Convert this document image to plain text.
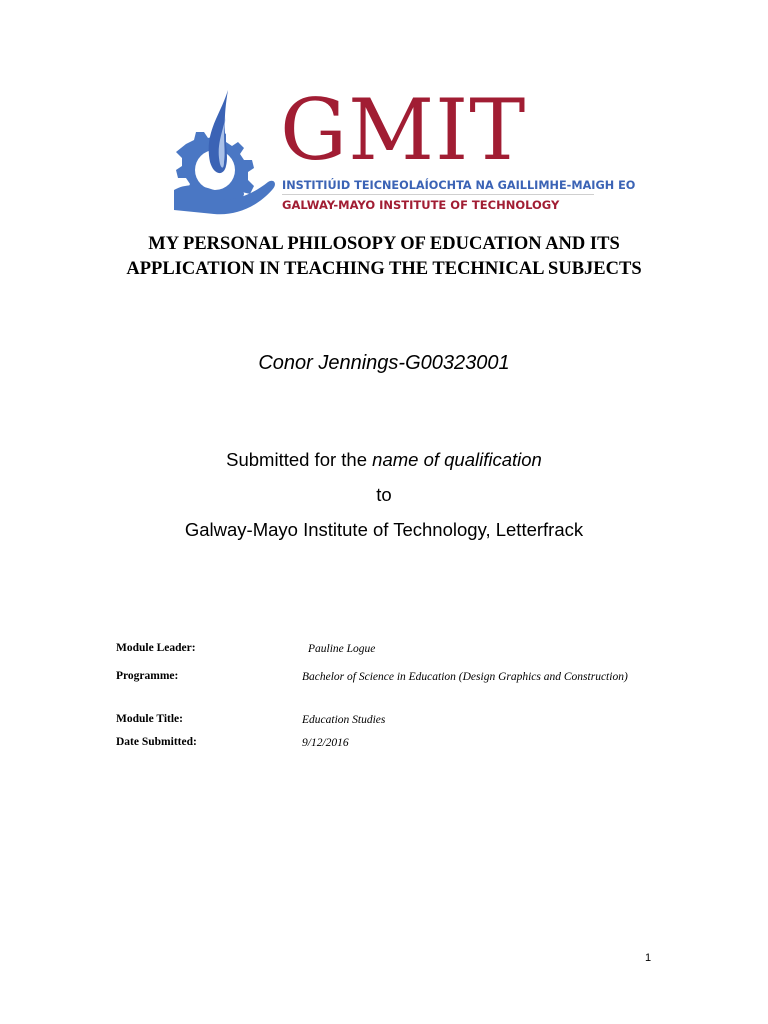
GMIT
INSTITIÚID TEICNEOLAÍOCHTA NA GAILLIMHE-MAIGH EO
GALWAY-MAYO INSTITUTE OF TECHNOLOGY
MY PERSONAL PHILOSOPY OF EDUCATION AND ITS APPLICATION IN TEACHING THE TECHNICAL SUBJECTS
Conor Jennings-G00323001
Submitted for the name of qualification
to
Galway-Mayo Institute of Technology, Letterfrack
Module Leader:	Pauline Logue
Programme:	Bachelor of Science in Education (Design Graphics and Construction)
Module Title:	Education Studies
Date Submitted:	9/12/2016
1
